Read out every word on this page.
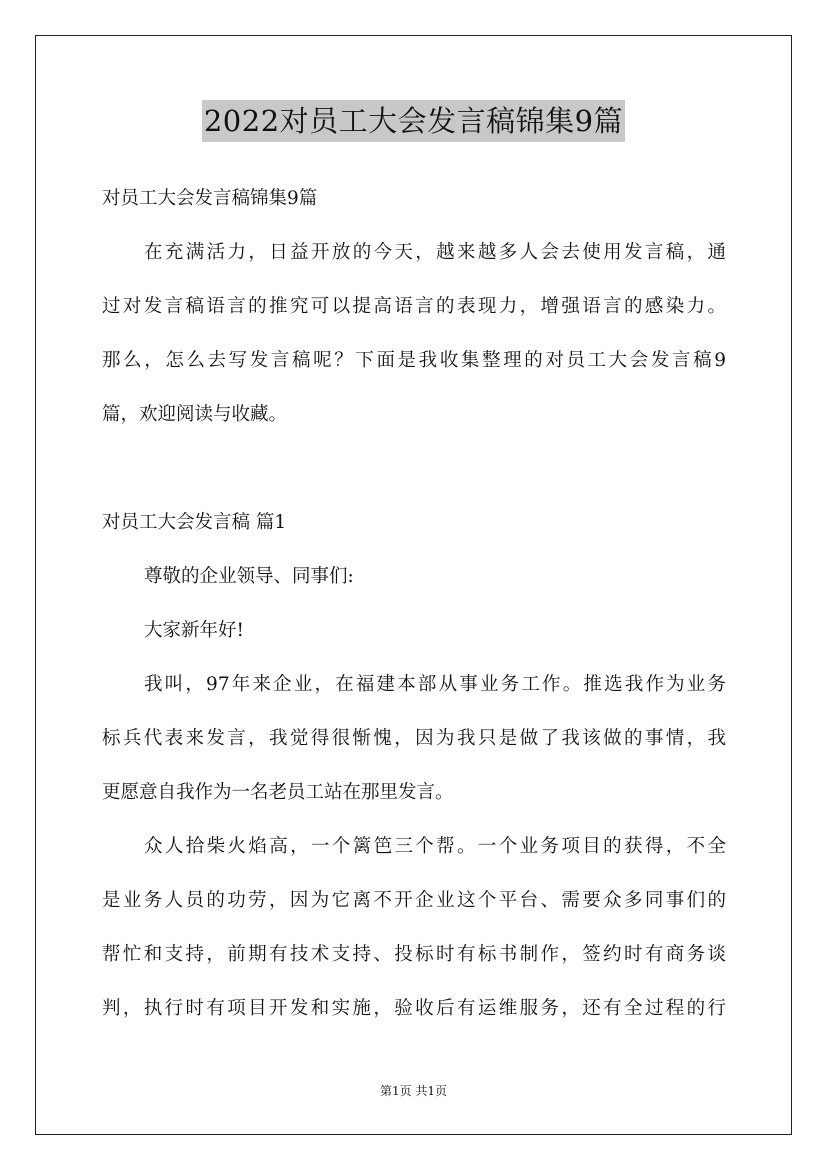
2022对员工大会发言稿锦集9篇
对员工大会发言稿锦集9篇
在充满活力，日益开放的今天，越来越多人会去使用发言稿，通
过对发言稿语言的推究可以提高语言的表现力，增强语言的感染力。
那么，怎么去写发言稿呢？下面是我收集整理的对员工大会发言稿9
篇，欢迎阅读与收藏。
对员工大会发言稿 篇1
尊敬的企业领导、同事们:
大家新年好!
我叫，97年来企业，在福建本部从事业务工作。推选我作为业务
标兵代表来发言，我觉得很惭愧，因为我只是做了我该做的事情，我
更愿意自我作为一名老员工站在那里发言。
众人拾柴火焰高，一个篱笆三个帮。一个业务项目的获得，不全
是业务人员的功劳，因为它离不开企业这个平台、需要众多同事们的
帮忙和支持，前期有技术支持、投标时有标书制作，签约时有商务谈
判，执行时有项目开发和实施，验收后有运维服务，还有全过程的行
第1页 共1页
